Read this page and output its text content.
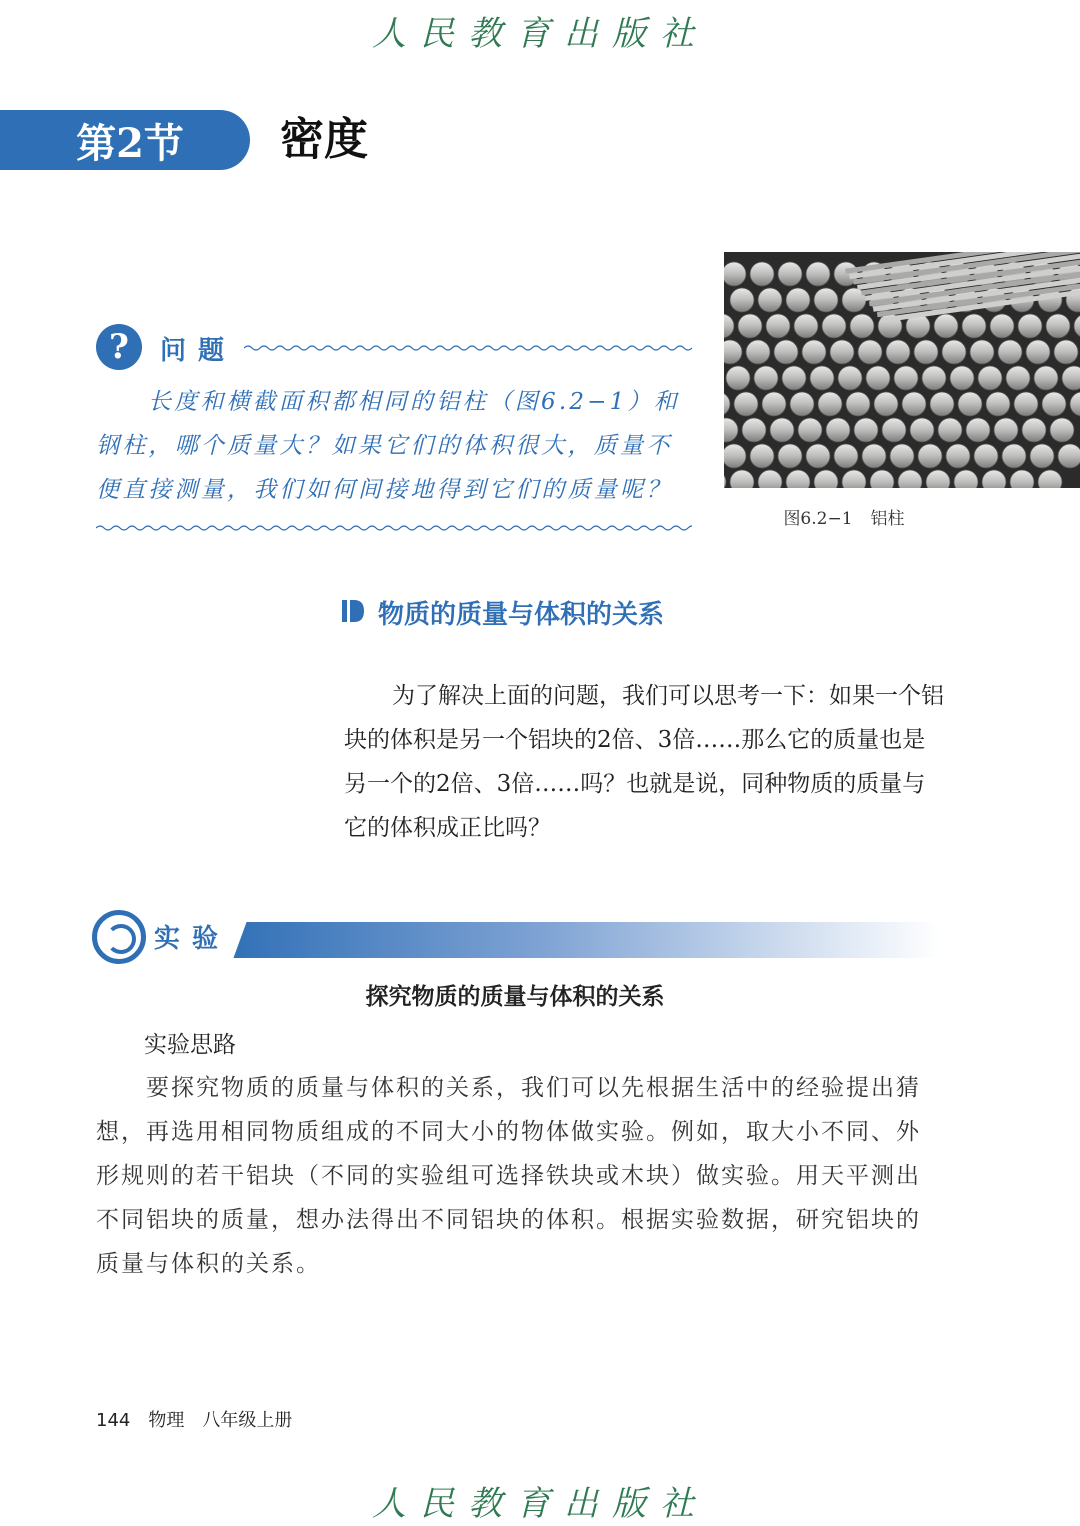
人民教育出版社
第2节	密度
?	问题
长度和横截面积都相同的铝柱（图6.2−1）和钢柱，哪个质量大？如果它们的体积很大，质量不便直接测量，我们如何间接地得到它们的质量呢？
图6.2−1 铝柱
物质的质量与体积的关系
为了解决上面的问题，我们可以思考一下：如果一个铝块的体积是另一个铝块的2倍、3倍……那么它的质量也是另一个的2倍、3倍……吗？也就是说，同种物质的质量与它的体积成正比吗？
实验
探究物质的质量与体积的关系
实验思路
要探究物质的质量与体积的关系，我们可以先根据生活中的经验提出猜想，再选用相同物质组成的不同大小的物体做实验。例如，取大小不同、外形规则的若干铝块（不同的实验组可选择铁块或木块）做实验。用天平测出不同铝块的质量，想办法得出不同铝块的体积。根据实验数据，研究铝块的质量与体积的关系。
144 物理 八年级上册
人民教育出版社
